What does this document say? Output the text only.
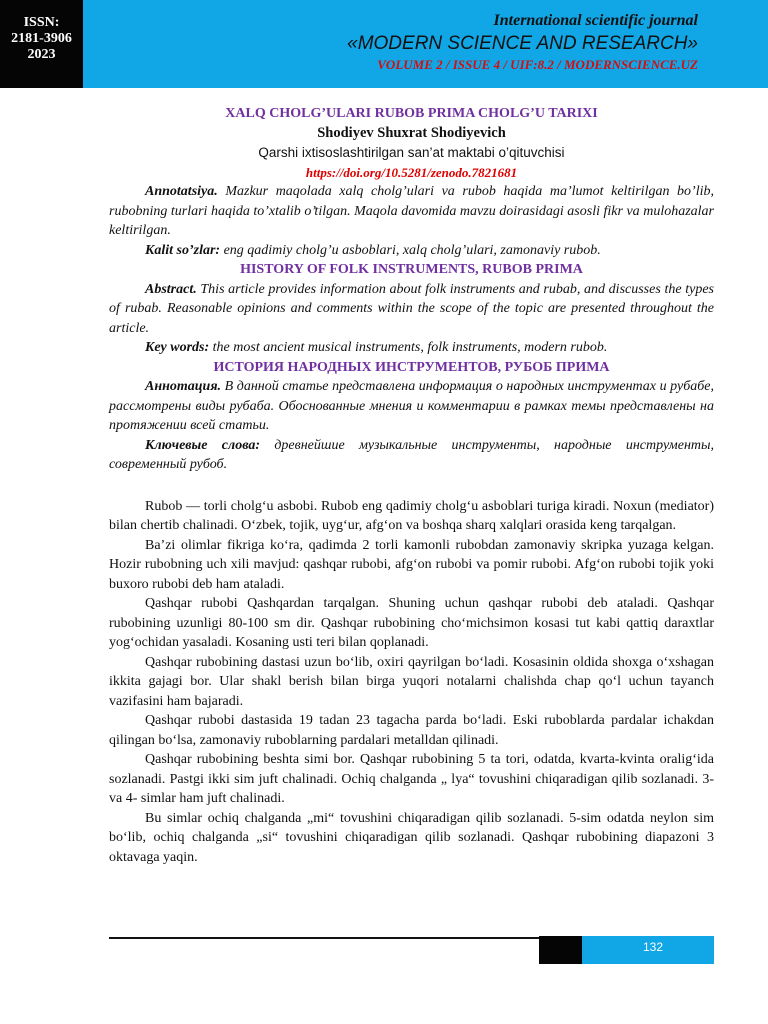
ISSN:
2181-3906
2023
International scientific journal
«MODERN SCIENCE AND RESEARCH»
VOLUME 2 / ISSUE 4 / UIF:8.2 / MODERNSCIENCE.UZ
XALQ CHOLG’ULARI RUBOB PRIMA CHOLG’U TARIXI
Shodiyev Shuxrat Shodiyevich
Qarshi ixtisoslashtirilgan san’at maktabi o’qituvchisi
https://doi.org/10.5281/zenodo.7821681

Annotatsiya. Mazkur maqolada xalq cholg’ulari va rubob haqida ma’lumot keltirilgan bo’lib, rubobning turlari haqida to’xtalib o’tilgan. Maqola davomida mavzu doirasidagi asosli fikr va mulohazalar keltirilgan.

Kalit so’zlar: eng qadimiy cholg’u asboblari, xalq cholg’ulari, zamonaviy rubob.

HISTORY OF FOLK INSTRUMENTS, RUBOB PRIMA

Abstract. This article provides information about folk instruments and rubab, and discusses the types of rubab. Reasonable opinions and comments within the scope of the topic are presented throughout the article.

Key words: the most ancient musical instruments, folk instruments, modern rubob.

ИСТОРИЯ НАРОДНЫХ ИНСТРУМЕНТОВ, РУБОБ ПРИМА

Аннотация. В данной статье представлена информация о народных инструментах и рубабе, рассмотрены виды рубаба. Обоснованные мнения и комментарии в рамках темы представлены на протяжении всей статьи.

Ключевые слова: древнейшие музыкальные инструменты, народные инструменты, современный рубоб.

Rubob — torli cholg‘u asbobi. Rubob eng qadimiy cholg‘u asboblari turiga kiradi. Noxun (mediator) bilan chertib chalinadi. O‘zbek, tojik, uyg‘ur, afg‘on va boshqa sharq xalqlari orasida keng tarqalgan.

Ba’zi olimlar fikriga ko‘ra, qadimda 2 torli kamonli rubobdan zamonaviy skripka yuzaga kelgan. Hozir rubobning uch xili mavjud: qashqar rubobi, afg‘on rubobi va pomir rubobi. Afg‘on rubobi tojik yoki buxoro rubobi deb ham ataladi.

Qashqar rubobi Qashqardan tarqalgan. Shuning uchun qashqar rubobi deb ataladi. Qashqar rubobining uzunligi 80-100 sm dir. Qashqar rubobining cho‘michsimon kosasi tut kabi qattiq daraxtlar yog‘ochidan yasaladi. Kosaning usti teri bilan qoplanadi.

Qashqar rubobining dastasi uzun bo‘lib, oxiri qayrilgan bo‘ladi. Kosasinin oldida shoxga o‘xshagan ikkita gajagi bor. Ular shakl berish bilan birga yuqori notalarni chalishda chap qo‘l uchun tayanch vazifasini ham bajaradi.

Qashqar rubobi dastasida 19 tadan 23 tagacha parda bo‘ladi. Eski ruboblarda pardalar ichakdan qilingan bo‘lsa, zamonaviy ruboblarning pardalari metalldan qilinadi.

Qashqar rubobining beshta simi bor. Qashqar rubobining 5 ta tori, odatda, kvarta-kvinta oralig‘ida sozlanadi. Pastgi ikki sim juft chalinadi. Ochiq chalganda „ lya“ tovushini chiqaradigan qilib sozlanadi. 3- va 4- simlar ham juft chalinadi.

Bu simlar ochiq chalganda „mi“ tovushini chiqaradigan qilib sozlanadi. 5-sim odatda neylon sim bo‘lib, ochiq chalganda „si“ tovushini chiqaradigan qilib sozlanadi. Qashqar rubobining diapazoni 3 oktavaga yaqin.

132
